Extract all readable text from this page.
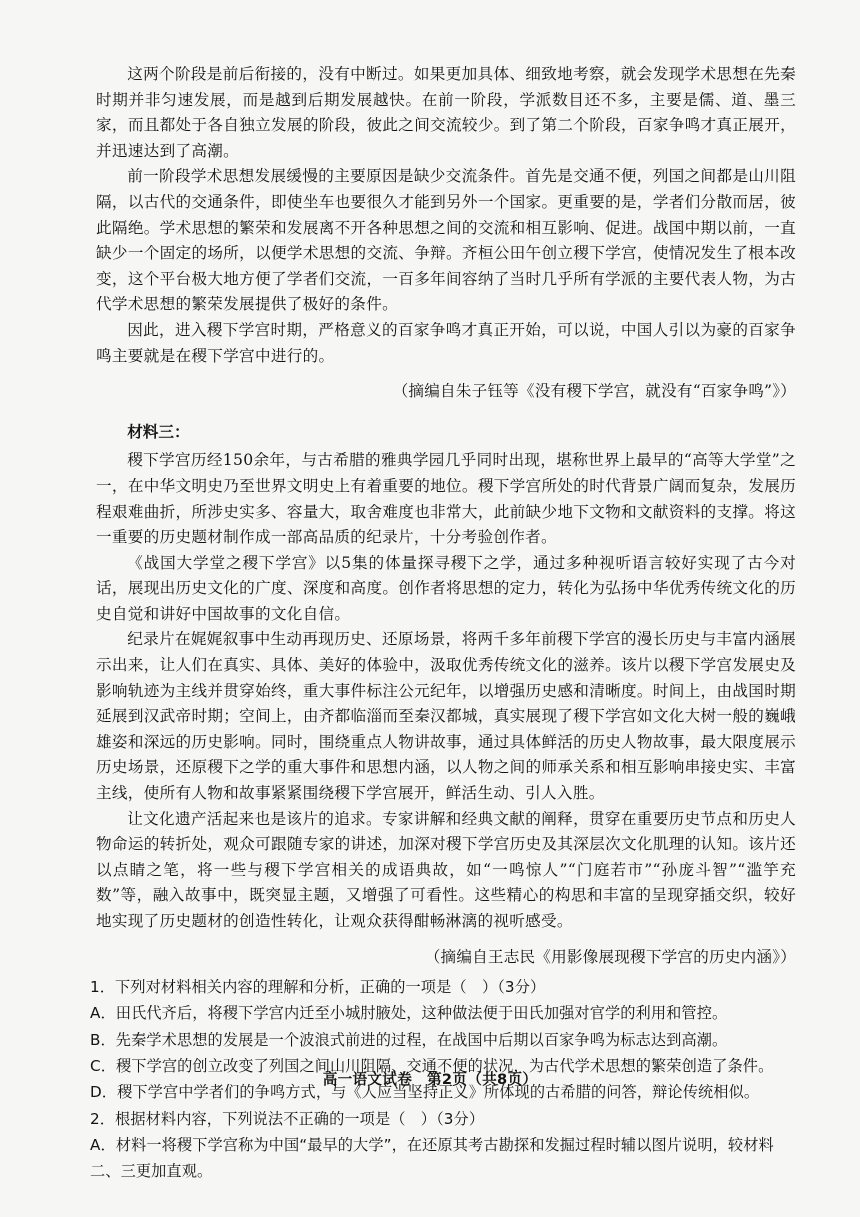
这两个阶段是前后衔接的，没有中断过。如果更加具体、细致地考察，就会发现学术思想在先秦时期并非匀速发展，而是越到后期发展越快。在前一阶段，学派数目还不多，主要是儒、道、墨三家，而且都处于各自独立发展的阶段，彼此之间交流较少。到了第二个阶段，百家争鸣才真正展开，并迅速达到了高潮。

前一阶段学术思想发展缓慢的主要原因是缺少交流条件。首先是交通不便，列国之间都是山川阻隔，以古代的交通条件，即使坐车也要很久才能到另外一个国家。更重要的是，学者们分散而居，彼此隔绝。学术思想的繁荣和发展离不开各种思想之间的交流和相互影响、促进。战国中期以前，一直缺少一个固定的场所，以便学术思想的交流、争辩。齐桓公田午创立稷下学宫，使情况发生了根本改变，这个平台极大地方便了学者们交流，一百多年间容纳了当时几乎所有学派的主要代表人物，为古代学术思想的繁荣发展提供了极好的条件。

因此，进入稷下学宫时期，严格意义的百家争鸣才真正开始，可以说，中国人引以为豪的百家争鸣主要就是在稷下学宫中进行的。

（摘编自朱子钰等《没有稷下学宫，就没有“百家争鸣”》）

材料三：

稷下学宫历经150余年，与古希腊的雅典学园几乎同时出现，堪称世界上最早的“高等大学堂”之一，在中华文明史乃至世界文明史上有着重要的地位。稷下学宫所处的时代背景广阔而复杂，发展历程艰难曲折，所涉史实多、容量大，取舍难度也非常大，此前缺少地下文物和文献资料的支撑。将这一重要的历史题材制作成一部高品质的纪录片，十分考验创作者。

《战国大学堂之稷下学宫》以5集的体量探寻稷下之学，通过多种视听语言较好实现了古今对话，展现出历史文化的广度、深度和高度。创作者将思想的定力，转化为弘扬中华优秀传统文化的历史自觉和讲好中国故事的文化自信。

纪录片在娓娓叙事中生动再现历史、还原场景，将两千多年前稷下学宫的漫长历史与丰富内涵展示出来，让人们在真实、具体、美好的体验中，汲取优秀传统文化的滋养。该片以稷下学宫发展史及影响轨迹为主线并贯穿始终，重大事件标注公元纪年，以增强历史感和清晰度。时间上，由战国时期延展到汉武帝时期；空间上，由齐都临淄而至秦汉都城，真实展现了稷下学宫如文化大树一般的巍峨雄姿和深远的历史影响。同时，围绕重点人物讲故事，通过具体鲜活的历史人物故事，最大限度展示历史场景，还原稷下之学的重大事件和思想内涵，以人物之间的师承关系和相互影响串接史实、丰富主线，使所有人物和故事紧紧围绕稷下学宫展开，鲜活生动、引人入胜。

让文化遗产活起来也是该片的追求。专家讲解和经典文献的阐释，贯穿在重要历史节点和历史人物命运的转折处，观众可跟随专家的讲述，加深对稷下学宫历史及其深层次文化肌理的认知。该片还以点睛之笔，将一些与稷下学宫相关的成语典故，如“一鸣惊人”“门庭若市”“孙庞斗智”“滥竽充数”等，融入故事中，既突显主题，又增强了可看性。这些精心的构思和丰富的呈现穿插交织，较好地实现了历史题材的创造性转化，让观众获得酣畅淋漓的视听感受。

（摘编自王志民《用影像展现稷下学宫的历史内涵》）

1．下列对材料相关内容的理解和分析，正确的一项是（　）（3分）

A．田氏代齐后，将稷下学宫内迁至小城肘腋处，这种做法便于田氏加强对官学的利用和管控。

B．先秦学术思想的发展是一个波浪式前进的过程，在战国中后期以百家争鸣为标志达到高潮。

C．稷下学宫的创立改变了列国之间山川阻隔、交通不便的状况，为古代学术思想的繁荣创造了条件。

D．稷下学宫中学者们的争鸣方式，与《人应当坚持正义》所体现的古希腊的问答，辩论传统相似。

2．根据材料内容，下列说法不正确的一项是（　）（3分）

A．材料一将稷下学宫称为中国“最早的大学”，在还原其考古勘探和发掘过程时辅以图片说明，较材料二、三更加直观。

高一语文试卷　第2页（共8页）
